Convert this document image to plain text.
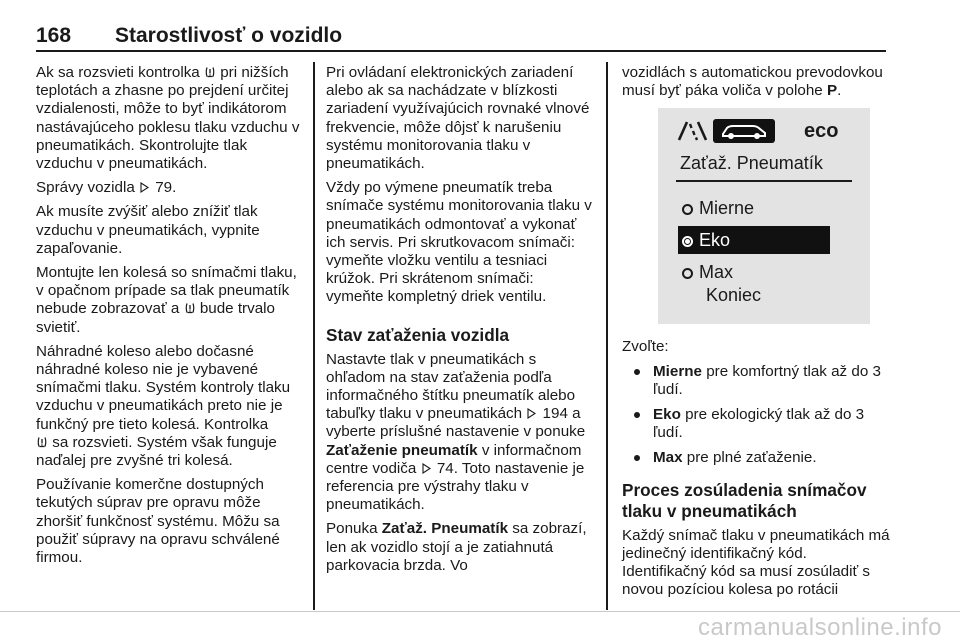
168 Starostlivosť o vozidlo

Ak sa rozsvieti kontrolka pri nižších teplotách a zhasne po prejdení určitej vzdialenosti, môže to byť indikátorom nastávajúceho poklesu tlaku vzduchu v pneumatikách. Skontrolujte tlak vzduchu v pneumatikách.

Správy vozidla 79.

Ak musíte zvýšiť alebo znížiť tlak vzduchu v pneumatikách, vypnite zapaľovanie.

Montujte len kolesá so snímačmi tlaku, v opačnom prípade sa tlak pneumatík nebude zobrazovať a bude trvalo svietiť.

Náhradné koleso alebo dočasné náhradné koleso nie je vybavené snímačmi tlaku. Systém kontroly tlaku vzduchu v pneumatikách preto nie je funkčný pre tieto kolesá. Kontrolka

sa rozsvieti. Systém však funguje naďalej pre zvyšné tri kolesá.

Používanie komerčne dostupných tekutých súprav pre opravu môže zhoršiť funkčnosť systému. Môžu sa použiť súpravy na opravu schválené firmou.

Pri ovládaní elektronických zariadení alebo ak sa nachádzate v blízkosti zariadení využívajúcich rovnaké vlnové frekvencie, môže dôjsť k narušeniu systému monitorovania tlaku v pneumatikách.

Vždy po výmene pneumatík treba snímače systému monitorovania tlaku v pneumatikách odmontovať a vykonať ich servis. Pri skrutkovacom snímači: vymeňte vložku ventilu a tesniaci krúžok. Pri skrátenom snímači: vymeňte kompletný driek ventilu.

Stav zaťaženia vozidla

Nastavte tlak v pneumatikách s ohľadom na stav zaťaženia podľa informačného štítku pneumatík alebo tabuľky tlaku v pneumatikách 194 a vyberte príslušné nastavenie v ponuke Zaťaženie pneumatík v informačnom centre vodiča 74. Toto nastavenie je referencia pre výstrahy tlaku v pneumatikách.

Ponuka Zaťaž. Pneumatík sa zobrazí, len ak vozidlo stojí a je zatiahnutá parkovacia brzda. Vo

vozidlách s automatickou prevodovkou musí byť páka voliča v polohe P.

eco
Zaťaž. Pneumatík
Mierne
Eko
Max
Koniec

Zvoľte:

Mierne pre komfortný tlak až do 3 ľudí.
Eko pre ekologický tlak až do 3 ľudí.
Max pre plné zaťaženie.
Proces zosúladenia snímačov tlaku v pneumatikách

Každý snímač tlaku v pneumatikách má jedinečný identifikačný kód. Identifikačný kód sa musí zosúladiť s novou pozíciou kolesa po rotácii

carmanualsonline.info
